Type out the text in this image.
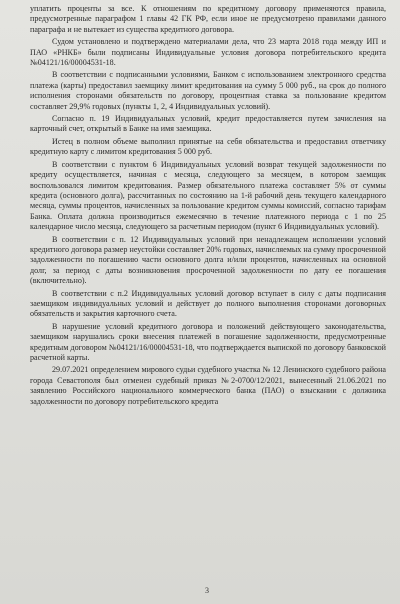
уплатить проценты за все. К отношениям по кредитному договору применяются правила, предусмотренные параграфом 1 главы 42 ГК РФ, если иное не предусмотрено правилами данного параграфа и не вытекает из существа кредитного договора.

Судом установлено и подтверждено материалами дела, что 23 марта 2018 года между ИП и ПАО «РНКБ» были подписаны Индивидуальные условия договора потребительского кредита №04121/16/00004531-18.

В соответствии с подписанными условиями, Банком с использованием электронного средства платежа (карты) предоставил заемщику лимит кредитования на сумму 5 000 руб., на срок до полного исполнения сторонами обязательств по договору, процентная ставка за пользование кредитом составляет 29,9% годовых (пункты 1, 2, 4 Индивидуальных условий).

Согласно п. 19 Индивидуальных условий, кредит предоставляется путем зачисления на карточный счет, открытый в Банке на имя заемщика.

Истец в полном объеме выполнил принятые на себя обязательства и предоставил ответчику кредитную карту с лимитом кредитования 5 000 руб.

В соответствии с пунктом 6 Индивидуальных условий возврат текущей задолженности по кредиту осуществляется, начиная с месяца, следующего за месяцем, в котором заемщик воспользовался лимитом кредитования. Размер обязательного платежа составляет 5% от суммы кредита (основного долга), рассчитанных по состоянию на 1-й рабочий день текущего календарного месяца, суммы процентов, начисленных за пользование кредитом суммы комиссий, согласно тарифам Банка. Оплата должна производиться ежемесячно в течение платежного периода с 1 по 25 календарное число месяца, следующего за расчетным периодом (пункт 6 Индивидуальных условий).

В соответствии с п. 12 Индивидуальных условий при ненадлежащем исполнении условий кредитного договора размер неустойки составляет 20% годовых, начисляемых на сумму просроченной задолженности по погашению части основного долга и/или процентов, начисленных на основной долг, за период с даты возникновения просроченной задолженности по дату ее погашения (включительно).

В соответствии с п.2 Индивидуальных условий договор вступает в силу с даты подписания заемщиком индивидуальных условий и действует до полного выполнения сторонами договорных обязательств и закрытия карточного счета.

В нарушение условий кредитного договора и положений действующего законодательства, заемщиком нарушались сроки внесения платежей в погашение задолженности, предусмотренные кредитным договором №04121/16/00004531-18, что подтверждается выпиской по договору банковской расчетной карты.

29.07.2021 определением мирового судьи судебного участка № 12 Ленинского судебного района города Севастополя был отменен судебный приказ №2-0700/12/2021, вынесенный 21.06.2021 по заявлению Российского национального коммерческого банка (ПАО) о взыскании с должника задолженности по договору потребительского кредита

3
